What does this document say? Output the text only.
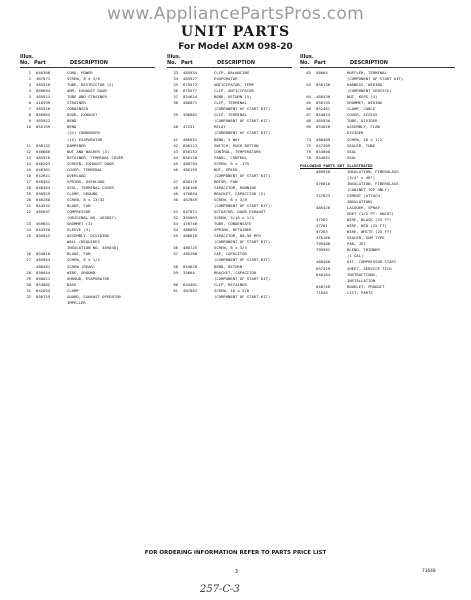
www.AppliancePartsPros.com
UNIT PARTS
For Model AXM 098-20
Illus.
No. Part	DESCRIPTION
1	646306	CORD, POWER
2	487871	SCREW, 8 x 3/8
3	485928	TUBE, RESTRICTOR (2)
4	669694	ARM, EXHAUST DOOR
5	485921	TUBE AND STRAINER
6	416599	STRAINER
7	485926	CONDENSER
8	856964	DOOR, EXHAUST
9	485922	BEND
10	655199	BEND
(21) CONDENSER
(15) EVAPORATOR
11	856132	DAMPENER
12	646886	NUT AND WASHER (3)
13	485926	RETAINER, TERMINAL COVER
14	646203	SCREEN, EXHAUST DOOR
15	646361	COVER, TERMINAL
16	652621	OVERLOAD
17	646362	SPRING, OVERLOAD
18	646364	SEAL, TERMINAL COVER
19	856929	CLAMP, GROUND
20	646288	SCREW, 8 x 13/32
21	644532	BLADE, FAN
22	485697	COMPRESSOR
(ORIGINAL NO. 403837)
23	469651	GROMMET (3)
24	644358	SLEEVE (3)
25	856942	ASSEMBLY, DIVIDING
WALL (REQUIRES
INSULATION NO. 469038)
26	854018	BLADE, FAN
27	485954	SCREW, 8 x 1/2
488481	SCREW (REAR)
28	856044	WIRE, GROUND
29	856021	SHROUD, EVAPORATOR
30	854002	BASE
31	642654	CLAMP
32	856759	GUARD, EXHAUST OPERATOR
IMPELLER
Illus.
No. Part	DESCRIPTION
33	485934	CLIP, BALANCING
34	485927	EVAPORATOR
35	675572	ANTICIPATOR, TEMP
36	675577	CLIP, ANTICIPATOR
37	854624	BEND, RETURN (5)
38	486871	CLIP, TERMINAL
(COMPONENT OF START KIT)
39	396882	CLIP, TERMINAL
(COMPONENT OF START KIT)
40	47251	RELAY
(COMPONENT OF START KIT)
41	486951	BEND, 3 WAY
42	856123	SWITCH, PUSH BUTTON
43	856133	CONTROL, TEMPERATURE
44	856120	PANEL, CONTROL
45	486794	SCREW, 6 x .175
46	486193	NUT, SPEED
(COMPONENT OF START KIT)
47	856176	MOTOR, FAN
48	646166	CAPACITOR, RUNNING
49	476844	BRACKET, CAPACITOR (2)
50	487849	SCREW, 8 x 3/8
(COMPONENT OF START KIT)
51	647071	ACTUATOR, DOOR EXHAUST
52	395063	SCREW, 5/16 x 1/4
53	476746	TUBE, CONDENSATE
54	486693	SPRING, RETAINER
55	486616	CAPACITOR, 88-96 MFD
(COMPONENT OF START KIT)
56	486725	SCREW, 8 x 3/4
57	485280	CAP, CAPACITOR
(COMPONENT OF START KIT)
58	854628	BEND, RETURN
59	35664	BRACKET, CAPACITOR
(COMPONENT OF START KIT)
60	644401	CLIP, RETAINER
61	487883	SCREW, 10 x 5/8
(COMPONENT OF START KIT)
Illus.
No. Part	DESCRIPTION
62	98664	MUFFLER, TERMINAL
(COMPONENT OF START KIT)
63	856136	HARNESS, WIRING
(COMPONENT SERVICE)
64	488430	NUT, KEPS (4)
65	856135	GROMMET, WIRING
66	852461	CLAMP, CABLE
67	854024	COVER, ACCESS
68	485930	TUBE, DIVIDER
69	854026	ASSEMBLY, FLOW
DIVIDER
74	488489	SCREW, 10 x 1/2
75	647399	SEALER, TUBE
76	854008	SEAL
78	854051	SEAL
FOLLOWING PARTS NOT ILLUSTRATED
469938	INSULATION, FIBERGLASS
(3/4" x 48")
476810	INSULATION, FIBERGLASS
(CABINET TOP ONLY)
757623	CEMENT (ATTACH
INSULATION)
485426	LACQUER, SPRAY
GREY (1/2 PT. UNCUT)
47262	WIRE, BLACK (25 FT)
47261	WIRE, RED (25 FT)
47263	WIRE, WHITE (25 FT)
470166	SEALER, GUM TYPE
799486	PAN, JET
799381	BLEND, THINNER
(1 GAL)
488468	KIT, COMPRESSOR START
657429	SHEET, SERVICE TECH
646164	INSTRUCTIONS,
INSTALLATION
648748	BOOKLET, PRODUCT
71640	LIST, PARTS
FOR ORDERING INFORMATION REFER TO PARTS PRICE LIST
3	71640
257-C-3
